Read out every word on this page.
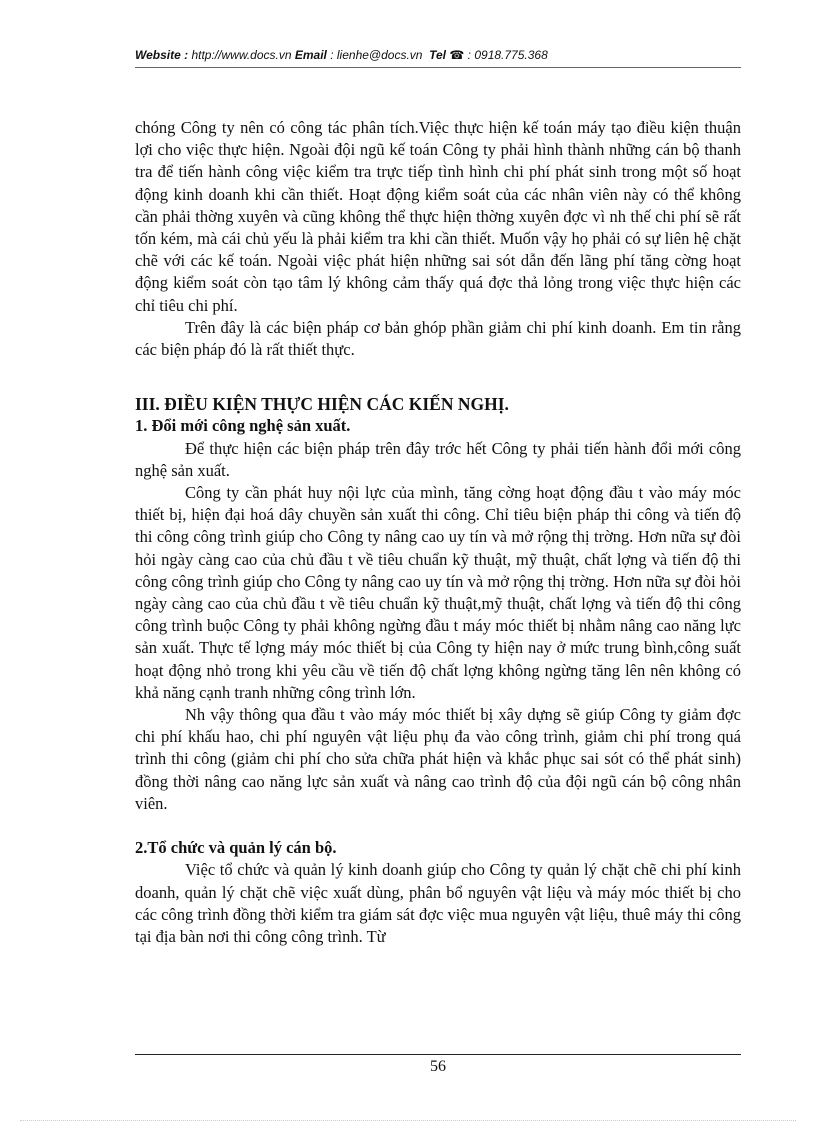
Website : http://www.docs.vn Email : lienhe@docs.vn Tel ☎ : 0918.775.368

chóng Công ty nên có công tác phân tích.Việc thực hiện kế toán máy tạo điều kiện thuận lợi cho việc thực hiện. Ngoài đội ngũ kế toán Công ty phải hình thành những cán bộ thanh tra để tiến hành công việc kiểm tra trực tiếp tình hình chi phí phát sinh trong một số hoạt động kinh doanh khi cần thiết. Hoạt động kiểm soát của các nhân viên này có thể không cần phải thờng xuyên và cũng không thể thực hiện thờng xuyên đợc vì nh thế chi phí sẽ rất tốn kém, mà cái chủ yếu là phải kiểm tra khi cần thiết. Muốn vậy họ phải có sự liên hệ chặt chẽ với các kế toán. Ngoài việc phát hiện những sai sót dẫn đến lãng phí tăng cờng hoạt động kiểm soát còn tạo tâm lý không cảm thấy quá đợc thả lỏng trong việc thực hiện các chỉ tiêu chi phí.

Trên đây là các biện pháp cơ bản ghóp phần giảm chi phí kinh doanh. Em tin rằng các biện pháp đó là rất thiết thực.

III. ĐIỀU KIỆN THỰC HIỆN CÁC KIẾN NGHỊ.

1. Đổi mới công nghệ sản xuất.

Để thực hiện các biện pháp trên đây trớc hết Công ty phải tiến hành đổi mới công nghệ sản xuất.

Công ty cần phát huy nội lực của mình, tăng cờng hoạt động đầu t vào máy móc thiết bị, hiện đại hoá dây chuyền sản xuất thi công. Chỉ tiêu biện pháp thi công và tiến độ thi công công trình giúp cho Công ty nâng cao uy tín và mở rộng thị trờng. Hơn nữa sự đòi hỏi ngày càng cao của chủ đầu t về tiêu chuẩn kỹ thuật, mỹ thuật, chất lợng và tiến độ thi công công trình giúp cho Công ty nâng cao uy tín và mở rộng thị trờng. Hơn nữa sự đòi hỏi ngày càng cao của chủ đầu t về tiêu chuẩn kỹ thuật,mỹ thuật, chất lợng và tiến độ thi công công trình buộc Công ty phải không ngừng đầu t máy móc thiết bị nhằm nâng cao năng lực sản xuất. Thực tế lợng máy móc thiết bị của Công ty hiện nay ở mức trung bình,công suất hoạt động nhỏ trong khi yêu cầu về tiến độ chất lợng không ngừng tăng lên nên không có khả năng cạnh tranh những công trình lớn.

Nh vậy thông qua đầu t vào máy móc thiết bị xây dựng sẽ giúp Công ty giảm đợc chi phí khấu hao, chi phí nguyên vật liệu phụ đa vào công trình, giảm chi phí trong quá trình thi công (giảm chi phí cho sửa chữa phát hiện và khắc phục sai sót có thể phát sinh) đồng thời nâng cao năng lực sản xuất và nâng cao trình độ của đội ngũ cán bộ công nhân viên.

2.Tổ chức và quản lý cán bộ.

Việc tổ chức và quản lý kinh doanh giúp cho Công ty quản lý chặt chẽ chi phí kinh doanh, quản lý chặt chẽ việc xuất dùng, phân bổ nguyên vật liệu và máy móc thiết bị cho các công trình đồng thời kiểm tra giám sát đợc việc mua nguyên vật liệu, thuê máy thi công tại địa bàn nơi thi công công trình. Từ

56
